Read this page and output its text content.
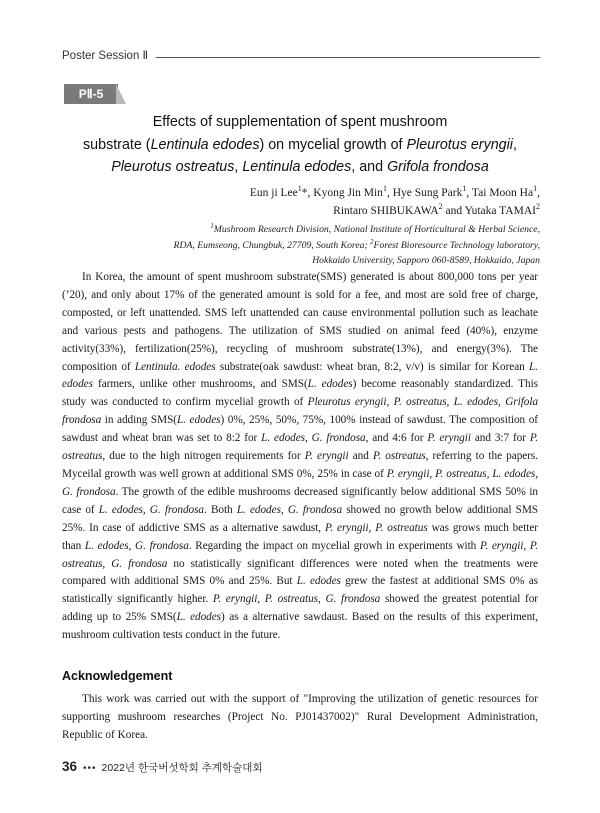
Poster Session Ⅱ
PⅡ-5
Effects of supplementation of spent mushroom
substrate (Lentinula edodes) on mycelial growth of Pleurotus eryngii,
Pleurotus ostreatus, Lentinula edodes, and Grifola frondosa
Eun ji Lee$^1$*, Kyong Jin Min$^1$, Hye Sung Park$^1$, Tai Moon Ha$^1$,
Rintaro SHIBUKAWA$^2$ and Yutaka TAMAI$^2$
$^1$Mushroom Research Division, National Institute of Horticultural & Herbal Science,
RDA, Eumseong, Chungbuk, 27709, South Korea; $^2$Forest Bioresource Technology laboratory,
Hokkaido University, Sapporo 060-8589, Hokkaido, Japan

In Korea, the amount of spent mushroom substrate(SMS) generated is about 800,000 tons per year (’20), and only about 17% of the generated amount is sold for a fee, and most are sold free of charge, composted, or left unattended. SMS left unattended can cause environmental pollution such as leachate and various pests and pathogens. The utilization of SMS studied on animal feed (40%), enzyme activity(33%), fertilization(25%), recycling of mushroom substrate(13%), and energy(3%). The composition of Lentinula. edodes substrate(oak sawdust: wheat bran, 8:2, v/v) is similar for Korean L. edodes farmers, unlike other mushrooms, and SMS(L. edodes) become reasonably standardized. This study was conducted to confirm mycelial growth of Pleurotus eryngii, P. ostreatus, L. edodes, Grifola frondosa in adding SMS(L. edodes) 0%, 25%, 50%, 75%, 100% instead of sawdust. The composition of sawdust and wheat bran was set to 8:2 for L. edodes, G. frondosa, and 4:6 for P. eryngii and 3:7 for P. ostreatus, due to the high nitrogen requirements for P. eryngii and P. ostreatus, referring to the papers. Myceilal growth was well grown at additional SMS 0%, 25% in case of P. eryngii, P. ostreatus, L. edodes, G. frondosa. The growth of the edible mushrooms decreased significantly below additional SMS 50% in case of L. edodes, G. frondosa. Both L. edodes, G. frondosa showed no growth below additional SMS 25%. In case of addictive SMS as a alternative sawdust, P. eryngii, P. ostreatus was grows much better than L. edodes, G. frondosa. Regarding the impact on mycelial growh in experiments with P. eryngii, P. ostreatus, G. frondosa no statistically significant differences were noted when the treatments were compared with additional SMS 0% and 25%. But L. edodes grew the fastest at additional SMS 0% as statistically significantly higher. P. eryngii, P. ostreatus, G. frondosa showed the greatest potential for adding up to 25% SMS(L. edodes) as a alternative sawdaust. Based on the results of this experiment, mushroom cultivation tests conduct in the future.

Acknowledgement

This work was carried out with the support of "Improving the utilization of genetic resources for supporting mushroom researches (Project No. PJ01437002)" Rural Development Administration, Republic of Korea.

36 ••• 2022년 한국버섯학회 추계학술대회
